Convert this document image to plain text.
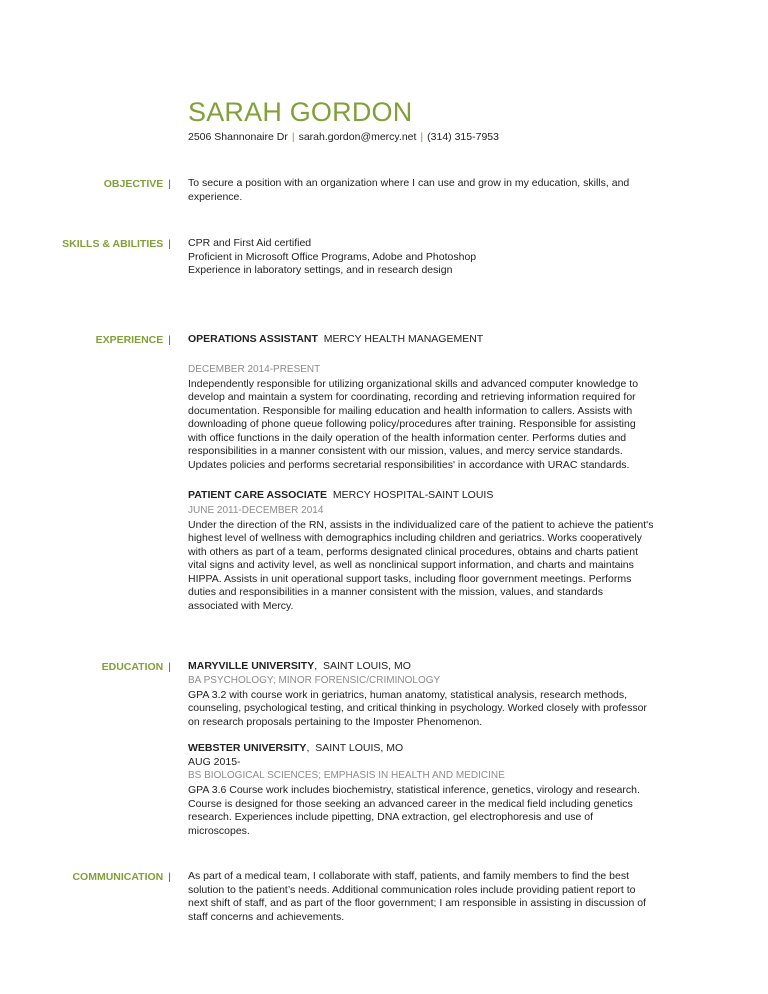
SARAH GORDON
2506 Shannonaire Dr | sarah.gordon@mercy.net | (314) 315-7953
OBJECTIVE | To secure a position with an organization where I can use and grow in my education, skills, and experience.

SKILLS & ABILITIES | CPR and First Aid certified

Proficient in Microsoft Office Programs, Adobe and Photoshop

Experience in laboratory settings, and in research design

EXPERIENCE | OPERATIONS ASSISTANT MERCY HEALTH MANAGEMENT

DECEMBER 2014-PRESENT

Independently responsible for utilizing organizational skills and advanced computer knowledge to develop and maintain a system for coordinating, recording and retrieving information required for documentation. Responsible for mailing education and health information to callers. Assists with downloading of phone queue following policy/procedures after training. Responsible for assisting with office functions in the daily operation of the health information center. Performs duties and responsibilities in a manner consistent with our mission, values, and mercy service standards. Updates policies and performs secretarial responsibilities' in accordance with URAC standards.

PATIENT CARE ASSOCIATE MERCY HOSPITAL-SAINT LOUIS

JUNE 2011-DECEMBER 2014

Under the direction of the RN, assists in the individualized care of the patient to achieve the patient's highest level of wellness with demographics including children and geriatrics. Works cooperatively with others as part of a team, performs designated clinical procedures, obtains and charts patient vital signs and activity level, as well as nonclinical support information, and charts and maintains HIPPA. Assists in unit operational support tasks, including floor government meetings. Performs duties and responsibilities in a manner consistent with the mission, values, and standards associated with Mercy.

EDUCATION | MARYVILLE UNIVERSITY,  SAINT LOUIS, MO

BA PSYCHOLOGY; MINOR FORENSIC/CRIMINOLOGY

GPA 3.2 with course work in geriatrics, human anatomy, statistical analysis, research methods, counseling, psychological testing, and critical thinking in psychology. Worked closely with professor on research proposals pertaining to the Imposter Phenomenon.

WEBSTER UNIVERSITY,  SAINT LOUIS, MO

AUG 2015-

BS BIOLOGICAL SCIENCES; EMPHASIS IN HEALTH AND MEDICINE

GPA 3.6 Course work includes biochemistry, statistical inference, genetics, virology and research. Course is designed for those seeking an advanced career in the medical field including genetics research. Experiences include pipetting, DNA extraction, gel electrophoresis and use of microscopes.

COMMUNICATION | As part of a medical team, I collaborate with staff, patients, and family members to find the best solution to the patient’s needs. Additional communication roles include providing patient report to next shift of staff, and as part of the floor government; I am responsible in assisting in discussion of staff concerns and achievements.
